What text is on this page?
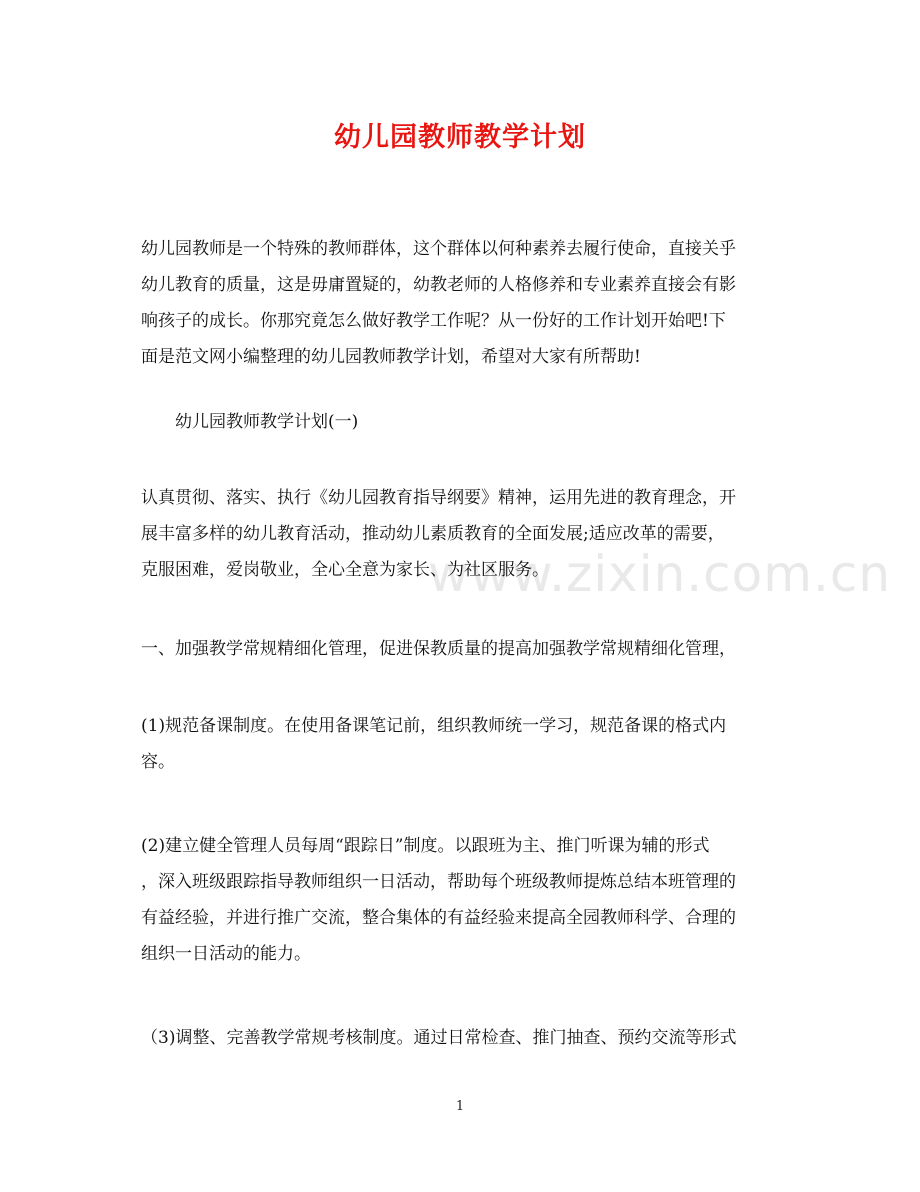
www.zixin.com.cn
幼儿园教师教学计划

幼儿园教师是一个特殊的教师群体，这个群体以何种素养去履行使命，直接关乎
幼儿教育的质量，这是毋庸置疑的，幼教老师的人格修养和专业素养直接会有影
响孩子的成长。你那究竟怎么做好教学工作呢？从一份好的工作计划开始吧!下
面是范文网小编整理的幼儿园教师教学计划，希望对大家有所帮助!

幼儿园教师教学计划(一)

认真贯彻、落实、执行《幼儿园教育指导纲要》精神，运用先进的教育理念，开
展丰富多样的幼儿教育活动，推动幼儿素质教育的全面发展;适应改革的需要，
克服困难，爱岗敬业，全心全意为家长、为社区服务。

一、加强教学常规精细化管理，促进保教质量的提高加强教学常规精细化管理，

(1)规范备课制度。在使用备课笔记前，组织教师统一学习，规范备课的格式内
容。

(2)建立健全管理人员每周“跟踪日”制度。以跟班为主、推门听课为辅的形式
，深入班级跟踪指导教师组织一日活动，帮助每个班级教师提炼总结本班管理的
有益经验，并进行推广交流，整合集体的有益经验来提高全园教师科学、合理的
组织一日活动的能力。

（3)调整、完善教学常规考核制度。通过日常检查、推门抽查、预约交流等形式

1
